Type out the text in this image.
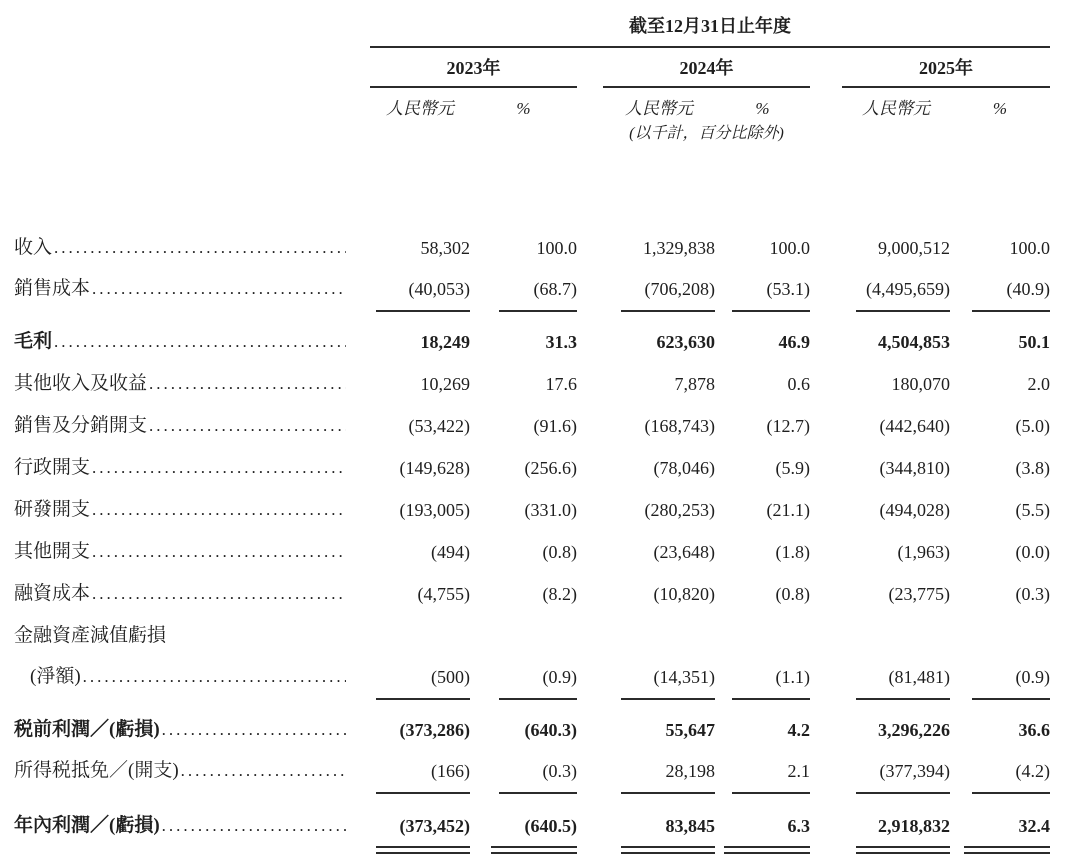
截至12月31日止年度
2023年	2024年	2025年
人民幣元	%	人民幣元	%	人民幣元	%
(以千計，百分比除外)
收入 .....	58,302	100.0	1,329,838	100.0	9,000,512	100.0
銷售成本 .....	(40,053)	(68.7)	(706,208)	(53.1)	(4,495,659)	(40.9)
毛利 .....	18,249	31.3	623,630	46.9	4,504,853	50.1
其他收入及收益 .....	10,269	17.6	7,878	0.6	180,070	2.0
銷售及分銷開支 .....	(53,422)	(91.6)	(168,743)	(12.7)	(442,640)	(5.0)
行政開支 .....	(149,628)	(256.6)	(78,046)	(5.9)	(344,810)	(3.8)
研發開支 .....	(193,005)	(331.0)	(280,253)	(21.1)	(494,028)	(5.5)
其他開支 .....	(494)	(0.8)	(23,648)	(1.8)	(1,963)	(0.0)
融資成本 .....	(4,755)	(8.2)	(10,820)	(0.8)	(23,775)	(0.3)
金融資產減值虧損
(淨額) .....	(500)	(0.9)	(14,351)	(1.1)	(81,481)	(0.9)
税前利潤／(虧損) .....	(373,286)	(640.3)	55,647	4.2	3,296,226	36.6
所得税抵免／(開支) .....	(166)	(0.3)	28,198	2.1	(377,394)	(4.2)
年內利潤／(虧損) .....	(373,452)	(640.5)	83,845	6.3	2,918,832	32.4
